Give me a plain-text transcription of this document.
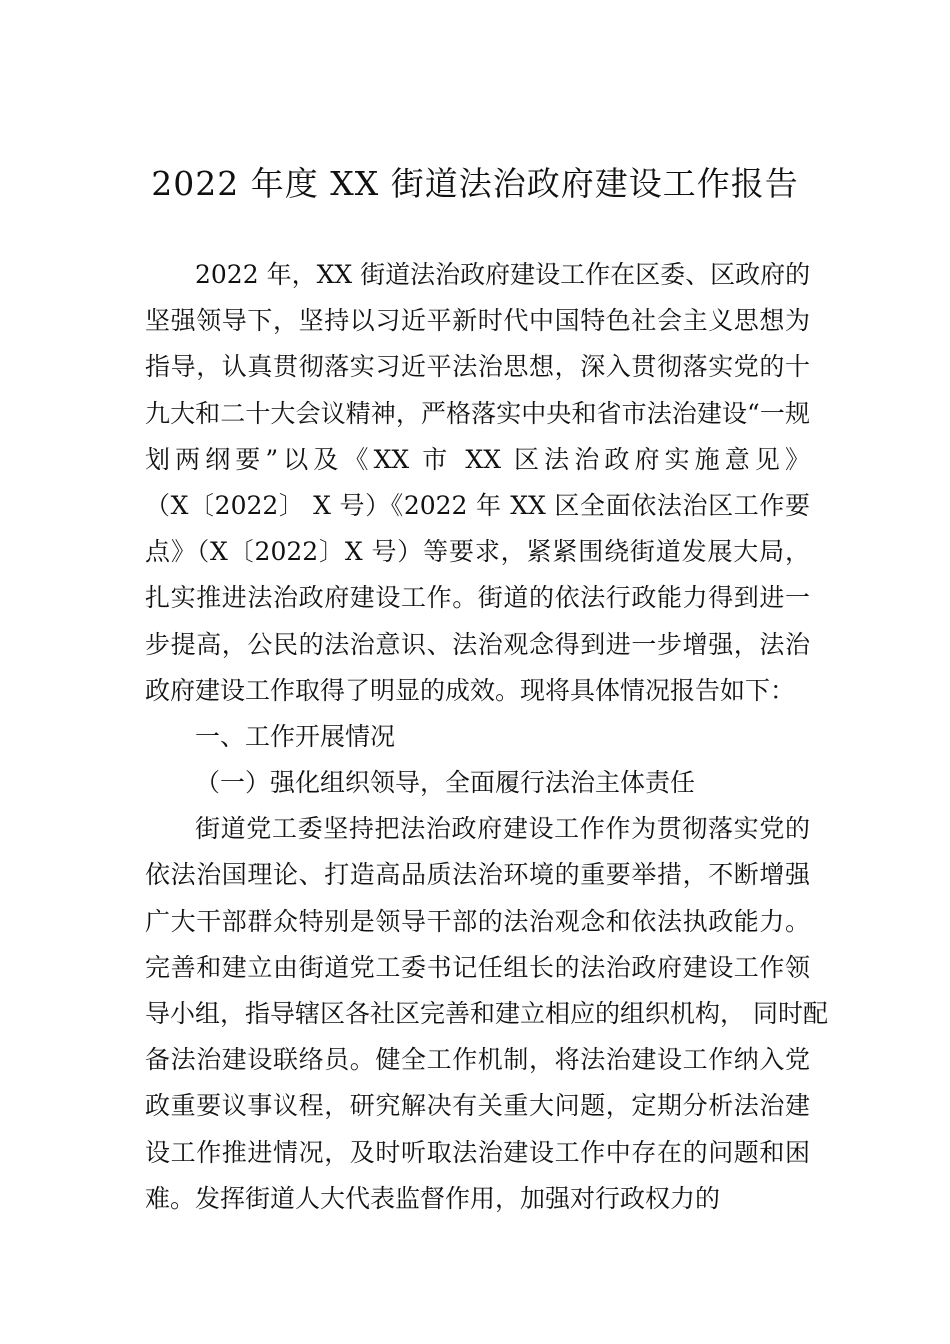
2022 年度 XX 街道法治政府建设工作报告
2022 年，XX 街道法治政府建设工作在区委、区政府的
坚强领导下，坚持以习近平新时代中国特色社会主义思想为
指导，认真贯彻落实习近平法治思想，深入贯彻落实党的十
九大和二十大会议精神，严格落实中央和省市法治建设“一规
划两纲要”以及《XX 市 XX 区法治政府实施意见》
（X〔2022〕 X 号）《2022 年 XX 区全面依法治区工作要
点》（X〔2022〕X 号）等要求，紧紧围绕街道发展大局，
扎实推进法治政府建设工作。街道的依法行政能力得到进一
步提高，公民的法治意识、法治观念得到进一步增强，法治
政府建设工作取得了明显的成效。现将具体情况报告如下：
一、工作开展情况
（一）强化组织领导，全面履行法治主体责任
街道党工委坚持把法治政府建设工作作为贯彻落实党的
依法治国理论、打造高品质法治环境的重要举措，不断增强
广大干部群众特别是领导干部的法治观念和依法执政能力。
完善和建立由街道党工委书记任组长的法治政府建设工作领
导小组，指导辖区各社区完善和建立相应的组织机构， 同时配
备法治建设联络员。健全工作机制，将法治建设工作纳入党
政重要议事议程，研究解决有关重大问题，定期分析法治建
设工作推进情况，及时听取法治建设工作中存在的问题和困
难。发挥街道人大代表监督作用，加强对行政权力的
